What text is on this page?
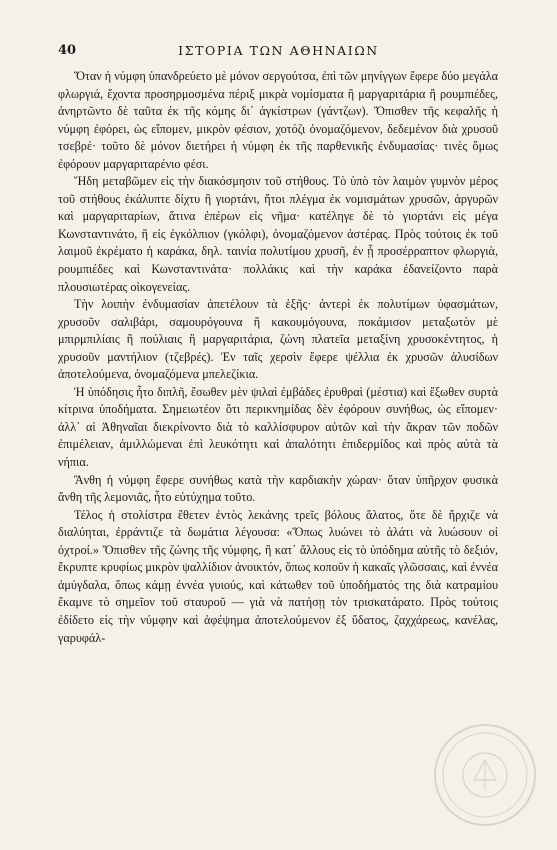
40	ΙΣΤΟΡΙΑ ΤΩΝ ΑΘΗΝΑΙΩΝ

Ὅταν ἡ νύμφη ὑπανδρεύετο μὲ μόνον σεργούτσα, ἐπὶ τῶν μηνίγγων ἔφερε δύο μεγάλα φλωργιά, ἔχοντα προσηρμοσμένα πέριξ μικρὰ νομίσματα ἢ μαργαριτάρια ἢ ρουμπιέδες, ἀνηρτῶντο δὲ ταῦτα ἐκ τῆς κόμης δι᾽ ἀγκίστρων (γάντζων). Ὄπισθεν τῆς κεφαλῆς ἡ νύμφη ἐφόρει, ὡς εἴπομεν, μικρὸν φέσιον, χοτόζι ὀνομαζόμενον, δεδεμένον διὰ χρυσοῦ τσεβρέ· τοῦτο δὲ μόνον διετήρει ἡ νύμφη ἐκ τῆς παρθενικῆς ἐνδυμασίας· τινὲς ὅμως ἐφόρουν μαργαριταρένιο φέσι.

Ἤδη μεταβῶμεν εἰς τὴν διακόσμησιν τοῦ στήθους. Τὸ ὑπὸ τὸν λαιμὸν γυμνὸν μέρος τοῦ στήθους ἐκάλυπτε δίχτυ ἢ γιορτάνι, ἤτοι πλέγμα ἐκ νομισμάτων χρυσῶν, ἀργυρῶν καὶ μαργαριταρίων, ἅτινα ἐπέρων εἰς νῆμα· κατέληγε δὲ τὸ γιορτάνι εἰς μέγα Κωνσταντινάτο, ἢ εἰς ἐγκόλπιον (γκόλφι), ὀνομαζόμενον ἀστέρας. Πρὸς τούτοις ἐκ τοῦ λαιμοῦ ἐκρέματο ἡ καράκα, δηλ. ταινία πολυτίμου χρυσῆ, ἐν ᾗ προσέρραπτον φλωργιὰ, ρουμπιέδες καὶ Κωνσταντινάτα· πολλάκις καὶ τὴν καράκα ἐδανείζοντο παρὰ πλουσιωτέρας οἰκογενείας.

Τὴν λοιπὴν ἐνδυμασίαν ἀπετέλουν τὰ ἑξῆς· ἀντερὶ ἐκ πολυτίμων ὑφασμάτων, χρυσοῦν σαλιβάρι, σαμουρόγουνα ἢ κακουμόγουνα, ποκάμισον μεταξωτὸν μὲ μπιρμπιλίαις ἢ πούλιαις ἢ μαργαριτάρια, ζώνη πλατεῖα μεταξίνη χρυσοκέντητος, ἡ χρυσοῦν μαντήλιον (τζεβρές). Ἐν ταῖς χερσὶν ἔφερε ψέλλια ἐκ χρυσῶν ἁλυσίδων ἀποτελούμενα, ὀνομαζόμενα μπελεζίκια.

Ἡ ὑπόδησις ἦτο διπλῆ, ἔσωθεν μὲν ψιλαὶ ἐμβάδες ἐρυθραὶ (μέστια) καὶ ἔξωθεν συρτὰ κίτρινα ὑποδήματα. Σημειωτέον ὅτι περικνημίδας δὲν ἐφόρουν συνήθως, ὡς εἴπομεν· ἀλλ᾽ αἱ Ἀθηναῖαι διεκρίνοντο διὰ τὸ καλλίσφυρον αὐτῶν καὶ τὴν ἄκραν τῶν ποδῶν ἐπιμέλειαν, ἁμιλλώμεναι ἐπὶ λευκότητι καὶ ἁπαλότητι ἐπιδερμίδος καὶ πρὸς αὐτὰ τὰ νήπια.

Ἄνθη ἡ νύμφη ἔφερε συνήθως κατὰ τὴν καρδιακὴν χώραν· ὅταν ὑπῆρχον φυσικὰ ἄνθη τῆς λεμονιᾶς, ἦτο εὐτύχημα τοῦτο.

Τέλος ἡ στολίστρα ἔθετεν ἐντὸς λεκάνης τρεῖς βόλους ἅλατος, ὅτε δὲ ἤρχιζε νὰ διαλύηται, ἐρράντιζε τὰ δωμάτια λέγουσα: «Ὅπως λυώνει τὸ ἀλάτι νὰ λυώσουν οἱ ὀχτροί.» Ὄπισθεν τῆς ζώνης τῆς νύμφης, ἢ κατ᾽ ἄλλους εἰς τὸ ὑπόδημα αὐτῆς τὸ δεξιόν, ἔκρυπτε κρυφίως μικρὸν ψαλλίδιον ἀνοικτόν, ὅπως κοποῦν ἡ κακαῖς γλῶσσαις, καὶ ἐννέα ἀμύγδαλα, ὅπως κάμῃ ἐννέα γυιούς, καὶ κάτωθεν τοῦ ὑποδήματός της διὰ κατραμίου ἔκαμνε τὸ σημεῖον τοῦ σταυροῦ — γιὰ νὰ πατήσῃ τὸν τρισκατάρατο. Πρὸς τούτοις ἐδίδετο εἰς τὴν νύμφην καὶ ἀφέψημα ἀποτελούμενον ἐξ ὕδατος, ζαχχάρεως, κανέλας, γαρυφάλ-
